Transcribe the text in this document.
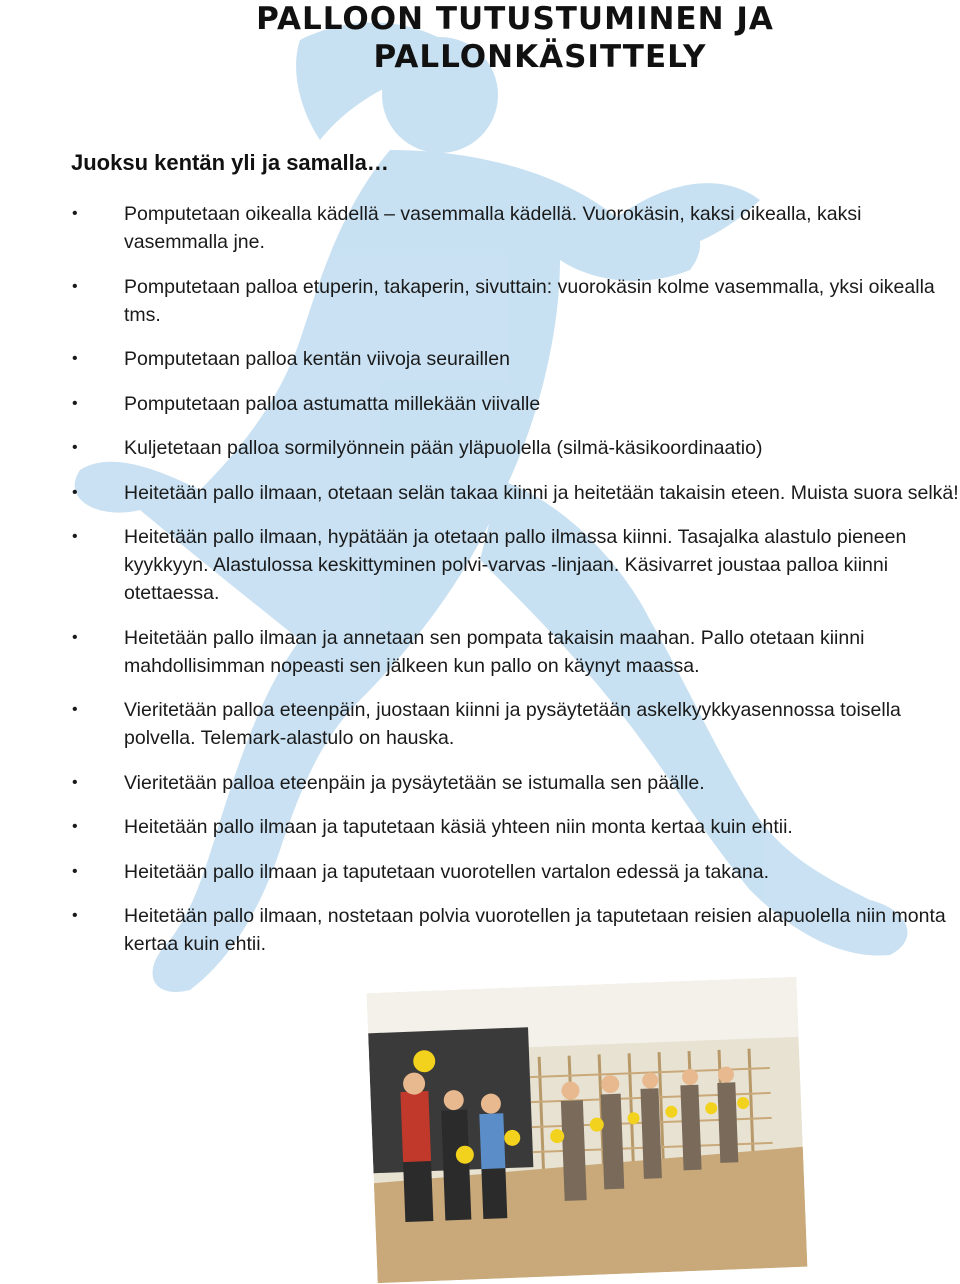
PALLOON TUTUSTUMINEN JA
PALLONKÄSITTELY
Juoksu kentän yli ja samalla…
• Pomputetaan oikealla kädellä – vasemmalla kädellä. Vuorokäsin, kaksi oikealla, kaksi vasemmalla jne.
• Pomputetaan palloa etuperin, takaperin, sivuttain: vuorokäsin kolme vasemmalla, yksi oikealla tms.
• Pomputetaan palloa kentän viivoja seuraillen
• Pomputetaan palloa astumatta millekään viivalle
• Kuljetetaan palloa sormilyönnein pään yläpuolella (silmä-käsikoordinaatio)
• Heitetään pallo ilmaan, otetaan selän takaa kiinni ja heitetään takaisin eteen. Muista suora selkä!
• Heitetään pallo ilmaan, hypätään ja otetaan pallo ilmassa kiinni. Tasajalka alastulo pieneen kyykkyyn. Alastulossa keskittyminen polvi-varvas -linjaan. Käsivarret joustaa palloa kiinni otettaessa.
• Heitetään pallo ilmaan ja annetaan sen pompata takaisin maahan. Pallo otetaan kiinni mahdollisimman nopeasti sen jälkeen kun pallo on käynyt maassa.
• Vieritetään palloa eteenpäin, juostaan kiinni ja pysäytetään askelkyykkyasennossa toisella polvella. Telemark-alastulo on hauska.
• Vieritetään palloa eteenpäin ja pysäytetään se istumalla sen päälle.
• Heitetään pallo ilmaan ja taputetaan käsiä yhteen niin monta kertaa kuin ehtii.
• Heitetään pallo ilmaan ja taputetaan vuorotellen vartalon edessä ja takana.
• Heitetään pallo ilmaan, nostetaan polvia vuorotellen ja taputetaan reisien alapuolella niin monta kertaa kuin ehtii.
